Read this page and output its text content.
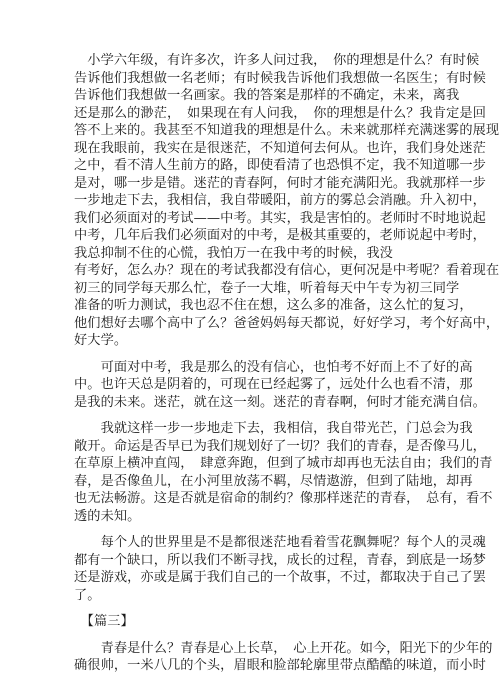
　小学六年级，有许多次，许多人问过我，　你的理想是什么？有时候
告诉他们我想做一名老师；有时候我告诉他们我想做一名医生；有时候
告诉他们我想做一名画家。我的答案是那样的不确定，未来，离我
还是那么的渺茫，　如果现在有人问我，　你的理想是什么？我肯定是回
答不上来的。我甚至不知道我的理想是什么。未来就那样充满迷雾的展现
现在我眼前，我实在是很迷茫，不知道何去何从。也许，我们身处迷茫
之中，看不清人生前方的路，即使看清了也恐惧不定，我不知道哪一步
是对，哪一步是错。迷茫的青春阿，何时才能充满阳光。我就那样一步
一步地走下去，我相信，我自带暖阳，前方的雾总会消融。升入初中，
我们必须面对的考试——中考。其实，我是害怕的。老师时不时地说起
中考，几年后我们必须面对的中考，是极其重要的，老师说起中考时，
我总抑制不住的心慌，我怕万一在我中考的时候，我没
有考好，怎么办？现在的考试我都没有信心，更何况是中考呢？看着现在
初三的同学每天那么忙，卷子一大堆，听着每天中午专为初三同学
准备的听力测试，我也忍不住在想，这么多的准备，这么忙的复习，
他们想好去哪个高中了么？爸爸妈妈每天都说，好好学习，考个好高中，
好大学。
　　可面对中考，我是那么的没有信心，也怕考不好而上不了好的高
中。也许天总是阴着的，可现在已经起雾了，远处什么也看不清，那
是我的未来。迷茫，就在这一刻。迷茫的青春啊，何时才能充满自信。
　　我就这样一步一步地走下去，我相信，我自带光芒，门总会为我
敞开。命运是否早已为我们规划好了一切？我们的青春，是否像马儿，
在草原上横冲直闯，　肆意奔跑，但到了城市却再也无法自由；我们的青
春，是否像鱼儿，在小河里放荡不羁，尽情遨游，但到了陆地，却再
也无法畅游。这是否就是宿命的制约？像那样迷茫的青春，　总有，看不
透的未知。
　　每个人的世界里是不是都很迷茫地看着雪花飘舞呢？每个人的灵魂
都有一个缺口，所以我们不断寻找，成长的过程，青春，到底是一场梦
还是游戏，亦或是属于我们自己的一个故事，不过，都取决于自己了罢
了。
　【篇三】
　　青春是什么？青春是心上长草，　心上开花。如今，阳光下的少年的
确很帅，一米八几的个头，眉眼和脸部轮廓里带点酷酷的味道，而小时
